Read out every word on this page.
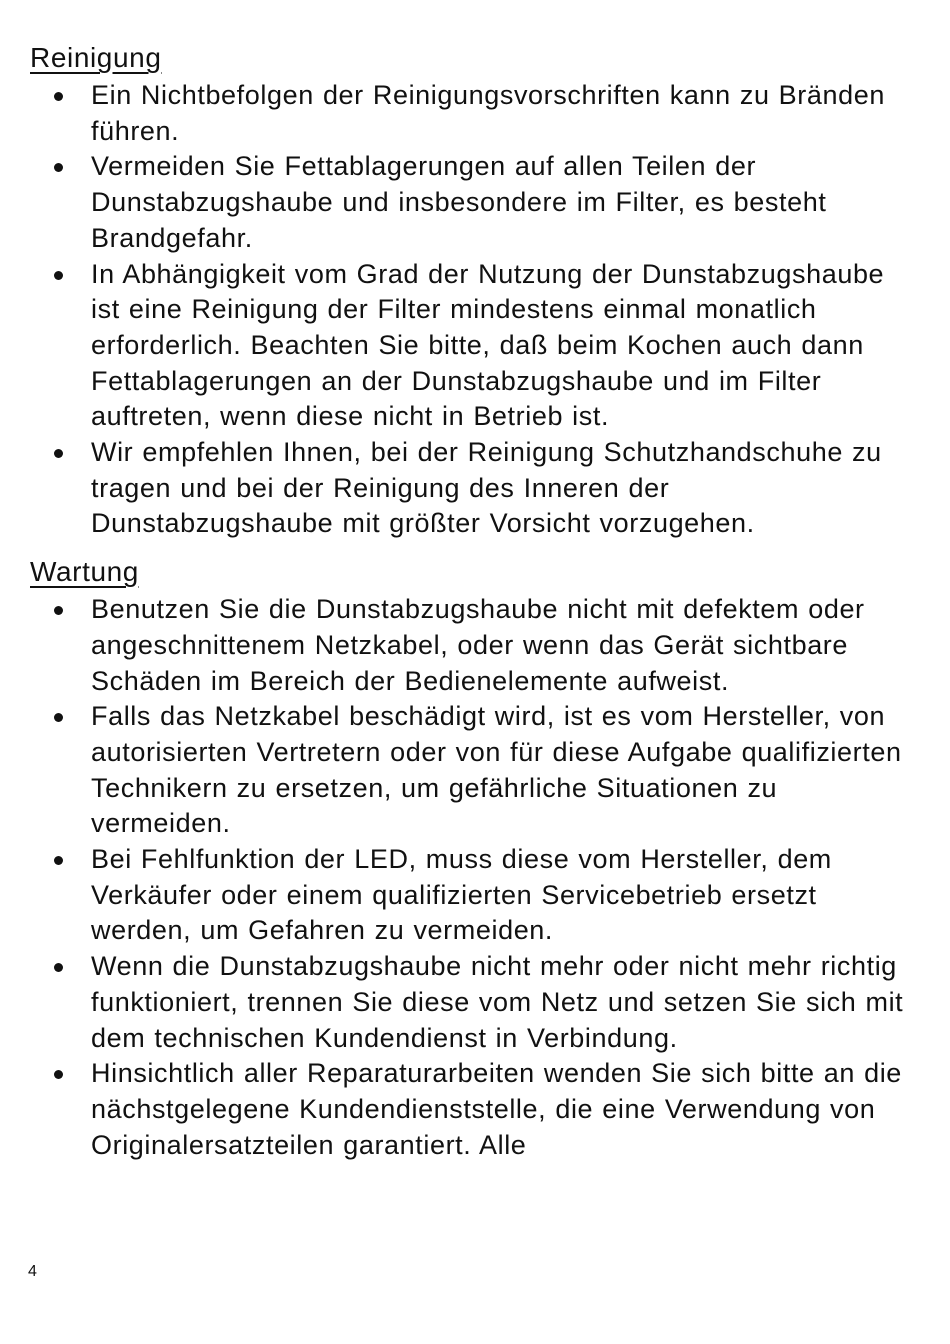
Reinigung
Ein Nichtbefolgen der Reinigungsvorschriften kann zu Bränden führen.
Vermeiden Sie Fettablagerungen auf allen Teilen der Dunstabzugshaube und insbesondere im Filter, es besteht Brandgefahr.
In Abhängigkeit vom Grad der Nutzung der Dunstabzugshaube ist eine Reinigung der Filter mindestens einmal monatlich erforderlich. Beachten Sie bitte, daß beim Kochen auch dann Fettablagerungen an der Dunstabzugshaube und im Filter auftreten, wenn diese nicht in Betrieb ist.
Wir empfehlen Ihnen, bei der Reinigung Schutzhandschuhe zu tragen und bei der Reinigung des Inneren der Dunstabzugshaube mit größter Vorsicht vorzugehen.
Wartung
Benutzen Sie die Dunstabzugshaube nicht mit defektem oder angeschnittenem Netzkabel, oder wenn das Gerät sichtbare Schäden im Bereich der Bedienelemente aufweist.
Falls das Netzkabel beschädigt wird, ist es vom Hersteller, von autorisierten Vertretern oder von für diese Aufgabe qualifizierten Technikern zu ersetzen, um gefährliche Situationen zu vermeiden.
Bei Fehlfunktion der LED, muss diese vom Hersteller, dem Verkäufer oder einem qualifizierten Servicebetrieb ersetzt werden, um Gefahren zu vermeiden.
Wenn die Dunstabzugshaube nicht mehr oder nicht mehr richtig funktioniert, trennen Sie diese vom Netz und setzen Sie sich mit dem technischen Kundendienst in Verbindung.
Hinsichtlich aller Reparaturarbeiten wenden Sie sich bitte an die nächstgelegene Kundendienststelle, die eine Verwendung von Originalersatzteilen garantiert. Alle
4
